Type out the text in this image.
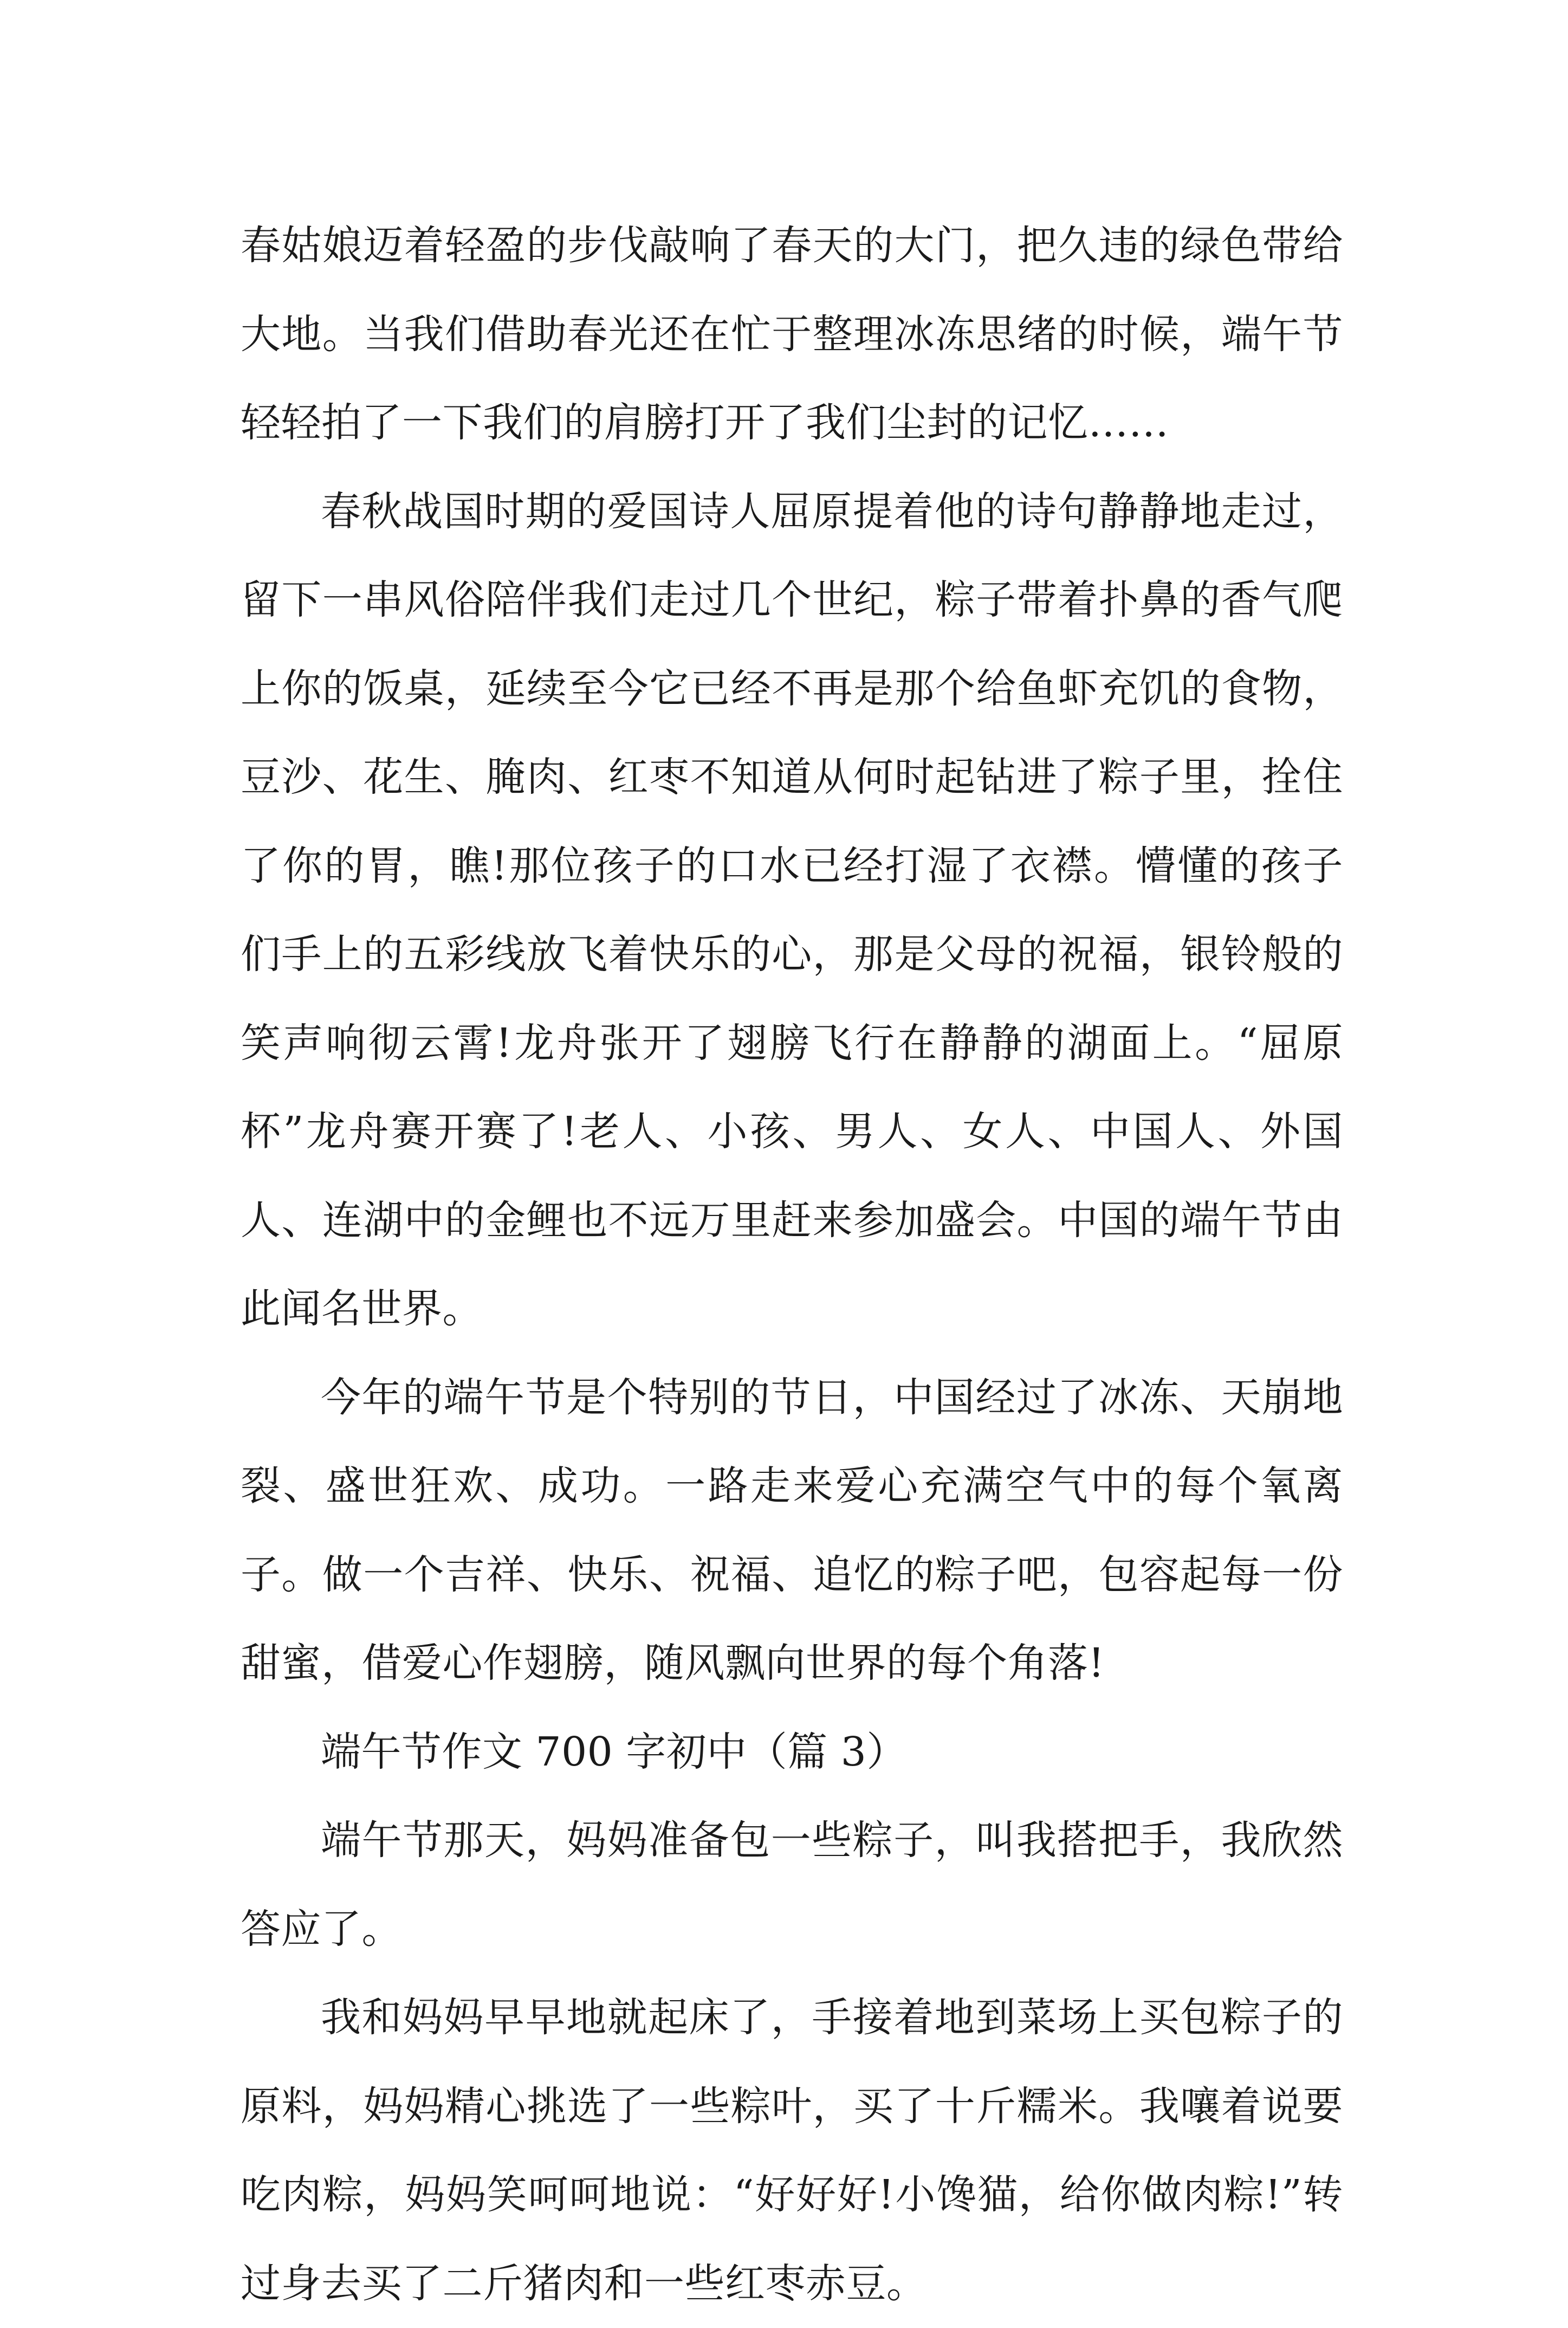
春姑娘迈着轻盈的步伐敲响了春天的大门，把久违的绿色带给大地。当我们借助春光还在忙于整理冰冻思绪的时候，端午节轻轻拍了一下我们的肩膀打开了我们尘封的记忆……

春秋战国时期的爱国诗人屈原提着他的诗句静静地走过，留下一串风俗陪伴我们走过几个世纪，粽子带着扑鼻的香气爬上你的饭桌，延续至今它已经不再是那个给鱼虾充饥的食物，豆沙、花生、腌肉、红枣不知道从何时起钻进了粽子里，拴住了你的胃，瞧!那位孩子的口水已经打湿了衣襟。懵懂的孩子们手上的五彩线放飞着快乐的心，那是父母的祝福，银铃般的笑声响彻云霄!龙舟张开了翅膀飞行在静静的湖面上。“屈原杯”龙舟赛开赛了!老人、小孩、男人、女人、中国人、外国人、连湖中的金鲤也不远万里赶来参加盛会。中国的端午节由此闻名世界。

今年的端午节是个特别的节日，中国经过了冰冻、天崩地裂、盛世狂欢、成功。一路走来爱心充满空气中的每个氧离子。做一个吉祥、快乐、祝福、追忆的粽子吧，包容起每一份甜蜜，借爱心作翅膀，随风飘向世界的每个角落!

端午节作文 700 字初中（篇 3）

端午节那天，妈妈准备包一些粽子，叫我搭把手，我欣然答应了。

我和妈妈早早地就起床了，手接着地到菜场上买包粽子的原料，妈妈精心挑选了一些粽叶，买了十斤糯米。我嚷着说要吃肉粽，妈妈笑呵呵地说：“好好好!小馋猫，给你做肉粽!”转过身去买了二斤猪肉和一些红枣赤豆。
